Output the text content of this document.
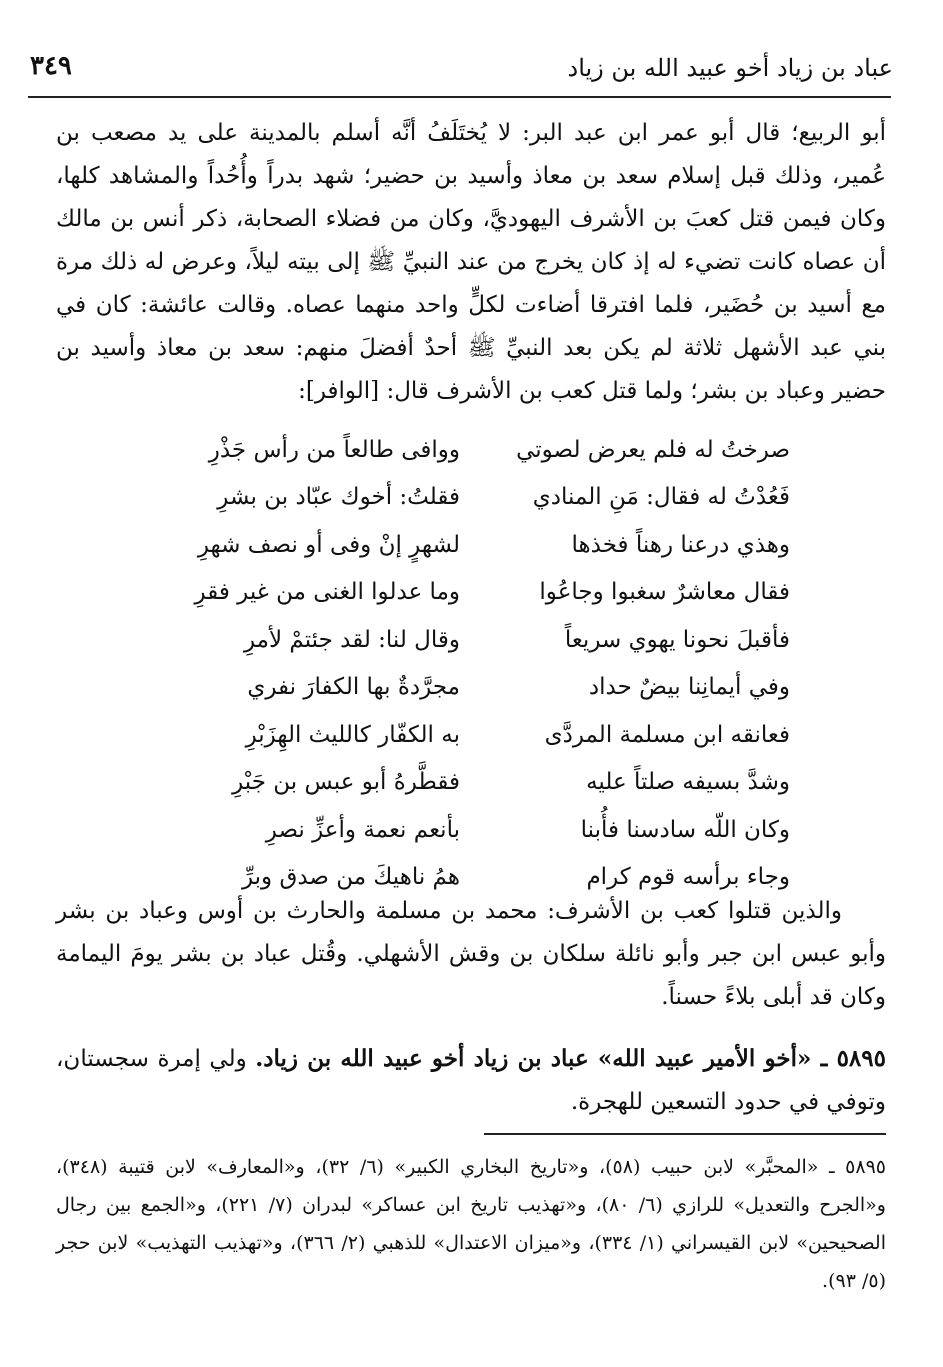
عباد بن زياد أخو عبيد الله بن زياد
٣٤٩

أبو الربيع؛ قال أبو عمر ابن عبد البر: لا يُختَلَفُ أنَّه أسلم بالمدينة على يد مصعب بن عُمير، وذلك قبل إسلام سعد بن معاذ وأسيد بن حضير؛ شهد بدراً وأُحُداً والمشاهد كلها، وكان فيمن قتل كعبَ بن الأشرف اليهوديَّ، وكان من فضلاء الصحابة، ذكر أنس بن مالك أن عصاه كانت تضيء له إذ كان يخرج من عند النبيِّ ﷺ إلى بيته ليلاً، وعرض له ذلك مرة مع أسيد بن حُضَير، فلما افترقا أضاءت لكلٍّ واحد منهما عصاه. وقالت عائشة: كان في بني عبد الأشهل ثلاثة لم يكن بعد النبيِّ ﷺ أحدٌ أفضلَ منهم: سعد بن معاذ وأسيد بن حضير وعباد بن بشر؛ ولما قتل كعب بن الأشرف قال: [الوافر]:

صرختُ له فلم يعرض لصوتي
ووافى طالعاً من رأس جَذْرِ
فَعُدْتُ له فقال: مَنِ المنادي
فقلتُ: أخوك عبّاد بن بشرِ
وهذي درعنا رهناً فخذها
لشهرٍ إنْ وفى أو نصف شهرِ
فقال معاشرٌ سغبوا وجاعُوا
وما عدلوا الغنى من غير فقرِ
فأقبلَ نحونا يهوي سريعاً
وقال لنا: لقد جئتمْ لأمرِ
وفي أيمانِنا بيضٌ حداد
مجرَّدةٌ بها الكفارَ نفري
فعانقه ابن مسلمة المردَّى
به الكفّار كالليث الهِزَبْرِ
وشدَّ بسيفه صلتاً عليه
فقطَّرهُ أبو عبس بن جَبْرِ
وكان اللّه سادسنا فأُبنا
بأنعم نعمة وأعزِّ نصرِ
وجاء برأسه قوم كرام
همُ ناهيكَ من صدق وبرِّ

والذين قتلوا كعب بن الأشرف: محمد بن مسلمة والحارث بن أوس وعباد بن بشر وأبو عبس ابن جبر وأبو نائلة سلكان بن وقش الأشهلي. وقُتل عباد بن بشر يومَ اليمامة وكان قد أبلى بلاءً حسناً.

٥٨٩٥ ـ «أخو الأمير عبيد الله» عباد بن زياد أخو عبيد الله بن زياد. ولي إمرة سجستان، وتوفي في حدود التسعين للهجرة.

٥٨٩٥ ـ «المحبَّر» لابن حبيب (٥٨)، و«تاريخ البخاري الكبير» (٦/ ٣٢)، و«المعارف» لابن قتيبة (٣٤٨)، و«الجرح والتعديل» للرازي (٦/ ٨٠)، و«تهذيب تاريخ ابن عساكر» لبدران (٧/ ٢٢١)، و«الجمع بين رجال الصحيحين» لابن القيسراني (١/ ٣٣٤)، و«ميزان الاعتدال» للذهبي (٢/ ٣٦٦)، و«تهذيب التهذيب» لابن حجر (٥/ ٩٣).
